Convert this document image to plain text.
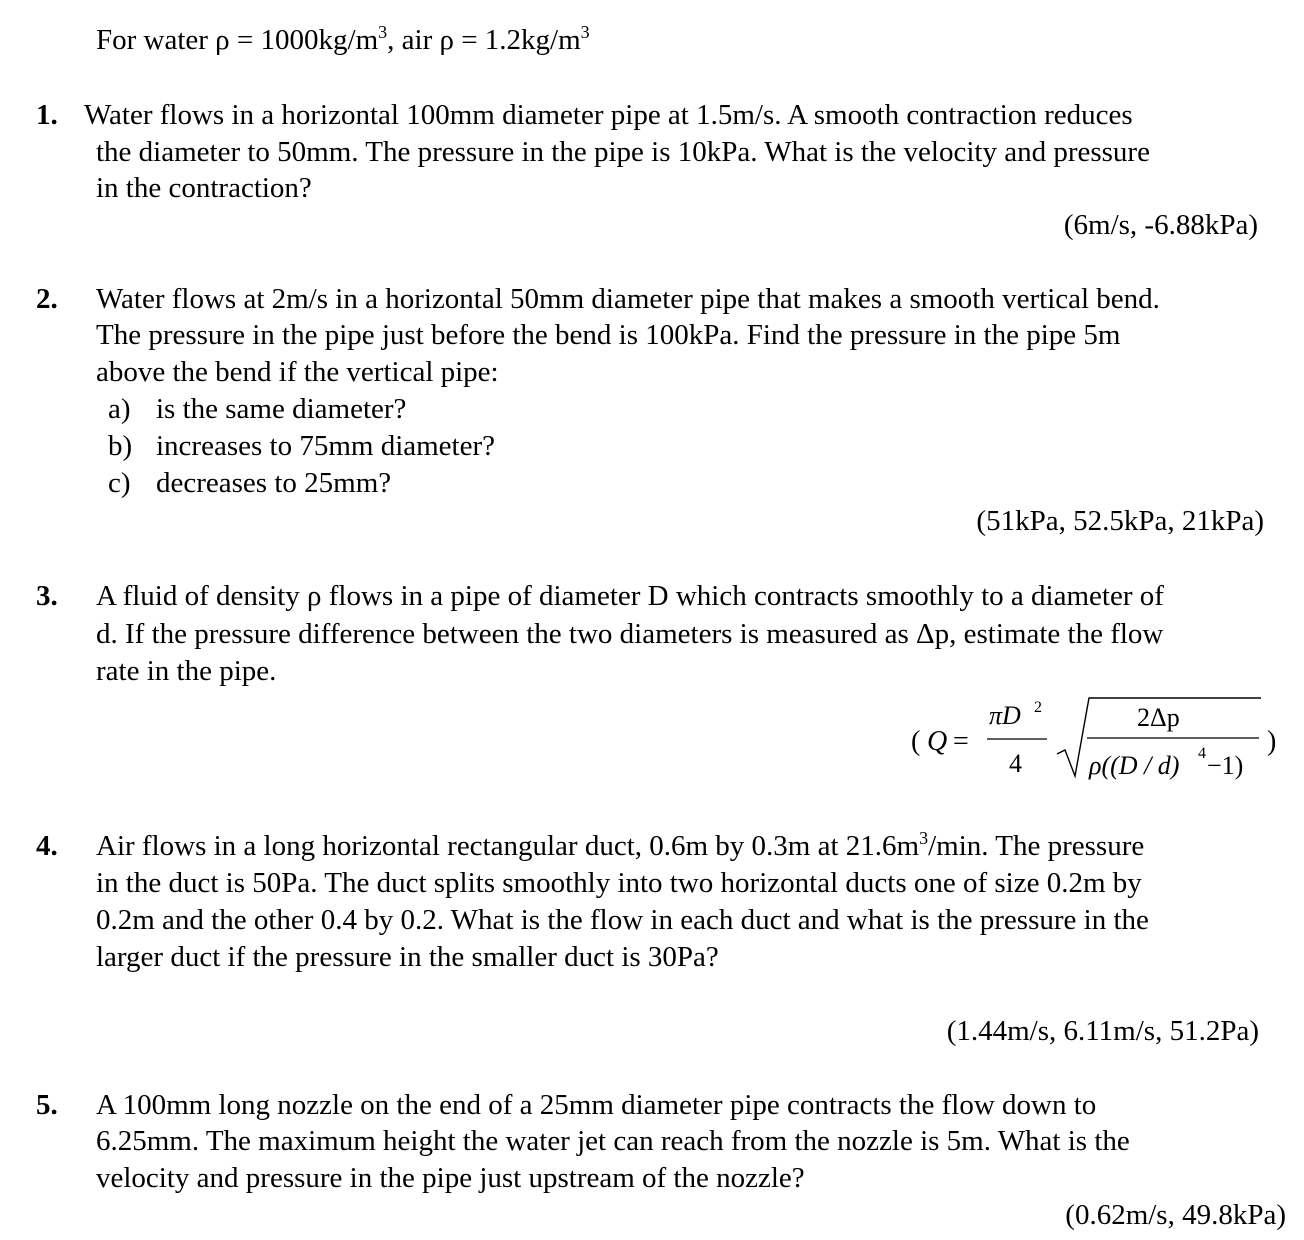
For water $\rho = 1000kg/m^3$, air $\rho = 1.2kg/m^3$
1. Water flows in a horizontal 100mm diameter pipe at 1.5m/s. A smooth contraction reduces
the diameter to 50mm. The pressure in the pipe is 10kPa. What is the velocity and pressure
in the contraction?
(6m/s, -6.88kPa)
2. Water flows at 2m/s in a horizontal 50mm diameter pipe that makes a smooth vertical bend.
The pressure in the pipe just before the bend is 100kPa. Find the pressure in the pipe 5m
above the bend if the vertical pipe:
a) is the same diameter?
b) increases to 75mm diameter?
c) decreases to 25mm?
(51kPa, 52.5kPa, 21kPa)
3. A fluid of density ρ flows in a pipe of diameter D which contracts smoothly to a diameter of
d. If the pressure difference between the two diameters is measured as Δp, estimate the flow
rate in the pipe.
( Q =
πD 2
4
2Δp
ρ((D / d) 4 −1)
)
4. Air flows in a long horizontal rectangular duct, 0.6m by 0.3m at $21.6m^3/\min$. The pressure
in the duct is 50Pa. The duct splits smoothly into two horizontal ducts one of size 0.2m by
0.2m and the other 0.4 by 0.2. What is the flow in each duct and what is the pressure in the
larger duct if the pressure in the smaller duct is 30Pa?
(1.44m/s, 6.11m/s, 51.2Pa)
5. A 100mm long nozzle on the end of a 25mm diameter pipe contracts the flow down to
6.25mm. The maximum height the water jet can reach from the nozzle is 5m. What is the
velocity and pressure in the pipe just upstream of the nozzle?
(0.62m/s, 49.8kPa)
